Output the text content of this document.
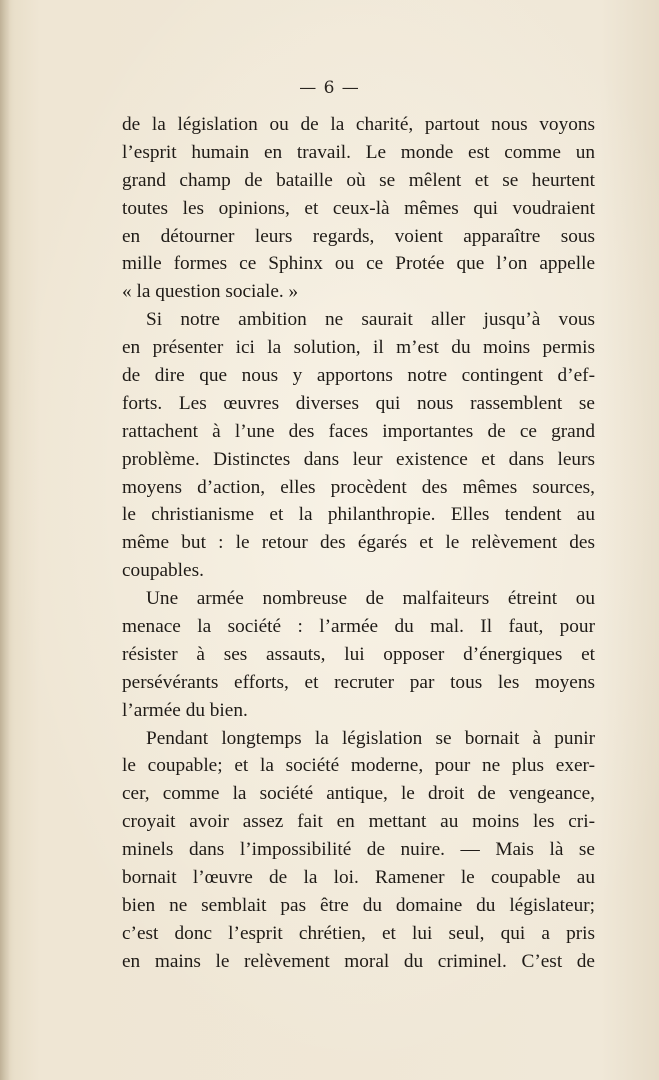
— 6 —
de la législation ou de la charité, partout nous voyons
l’esprit humain en travail. Le monde est comme un
grand champ de bataille où se mêlent et se heurtent
toutes les opinions, et ceux-là mêmes qui voudraient
en détourner leurs regards, voient apparaître sous
mille formes ce Sphinx ou ce Protée que l’on appelle
« la question sociale. »
Si notre ambition ne saurait aller jusqu’à vous
en présenter ici la solution, il m’est du moins permis
de dire que nous y apportons notre contingent d’ef-
forts. Les œuvres diverses qui nous rassemblent se
rattachent à l’une des faces importantes de ce grand
problème. Distinctes dans leur existence et dans leurs
moyens d’action, elles procèdent des mêmes sources,
le christianisme et la philanthropie. Elles tendent au
même but : le retour des égarés et le relèvement des
coupables.
Une armée nombreuse de malfaiteurs étreint ou
menace la société : l’armée du mal. Il faut, pour
résister à ses assauts, lui opposer d’énergiques et
persévérants efforts, et recruter par tous les moyens
l’armée du bien.
Pendant longtemps la législation se bornait à punir
le coupable; et la société moderne, pour ne plus exer-
cer, comme la société antique, le droit de vengeance,
croyait avoir assez fait en mettant au moins les cri-
minels dans l’impossibilité de nuire. — Mais là se
bornait l’œuvre de la loi. Ramener le coupable au
bien ne semblait pas être du domaine du législateur;
c’est donc l’esprit chrétien, et lui seul, qui a pris
en mains le relèvement moral du criminel. C’est de
